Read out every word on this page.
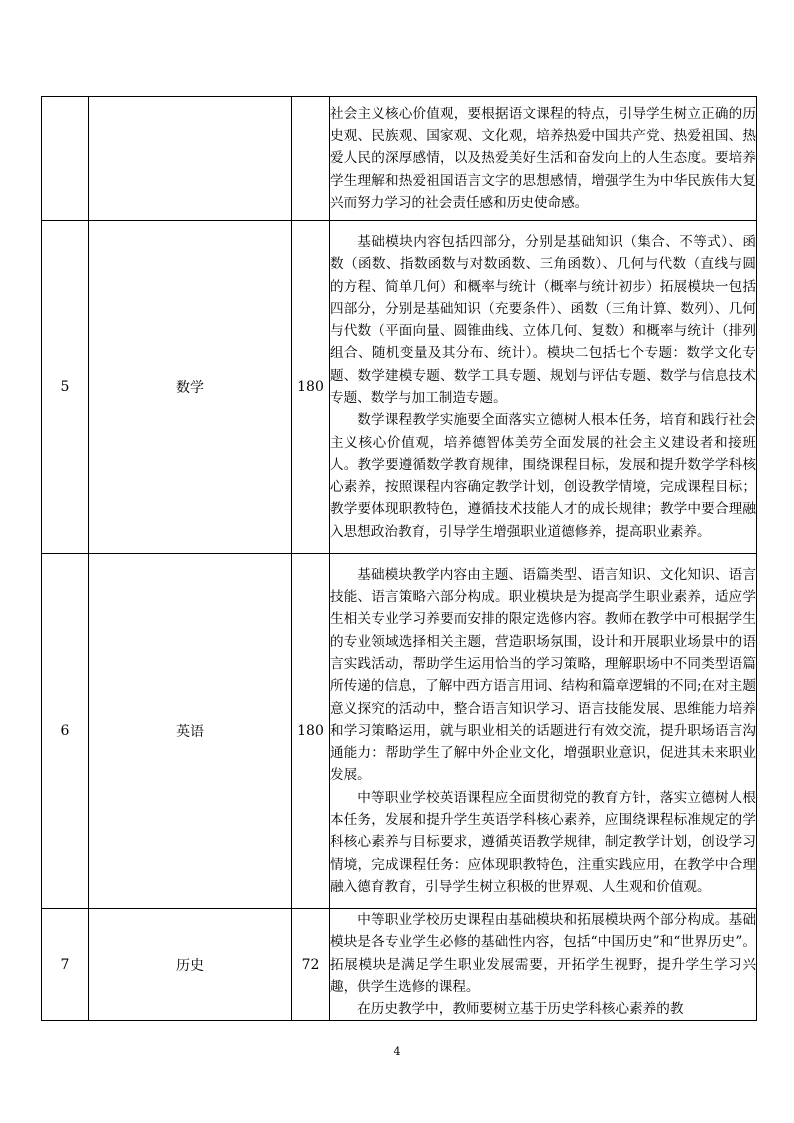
			社会主义核心价值观，要根据语文课程的特点，引导学生树立正确的历史观、民族观、国家观、文化观，培养热爱中国共产党、热爱祖国、热爱人民的深厚感情，以及热爱美好生活和奋发向上的人生态度。要培养学生理解和热爱祖国语言文字的思想感情，增强学生为中华民族伟大复兴而努力学习的社会责任感和历史使命感。

5	数学	180	基础模块内容包括四部分，分别是基础知识（集合、不等式）、函数（函数、指数函数与对数函数、三角函数）、几何与代数（直线与圆的方程、简单几何）和概率与统计（概率与统计初步）拓展模块一包括四部分，分别是基础知识（充要条件）、函数（三角计算、数列）、几何与代数（平面向量、圆锥曲线、立体几何、复数）和概率与统计（排列组合、随机变量及其分布、统计）。模块二包括七个专题：数学文化专题、数学建模专题、数学工具专题、规划与评估专题、数学与信息技术专题、数学与加工制造专题。

数学课程教学实施要全面落实立德树人根本任务，培育和践行社会主义核心价值观，培养德智体美劳全面发展的社会主义建设者和接班人。教学要遵循数学教育规律，围绕课程目标，发展和提升数学学科核心素养，按照课程内容确定教学计划，创设教学情境，完成课程目标；教学要体现职教特色，遵循技术技能人才的成长规律；教学中要合理融入思想政治教育，引导学生增强职业道德修养，提高职业素养。

6	英语	180	基础模块教学内容由主题、语篇类型、语言知识、文化知识、语言技能、语言策略六部分构成。职业模块是为提高学生职业素养，适应学生相关专业学习养要而安排的限定选修内容。教师在教学中可根据学生的专业领域选择相关主题，营造职场氛围，设计和开展职业场景中的语言实践活动，帮助学生运用恰当的学习策略，理解职场中不同类型语篇所传递的信息，了解中西方语言用词、结构和篇章逻辑的不同;在对主题意义探究的活动中，整合语言知识学习、语言技能发展、思维能力培养和学习策略运用，就与职业相关的话题进行有效交流，提升职场语言沟通能力：帮助学生了解中外企业文化，增强职业意识，促进其未来职业发展。

中等职业学校英语课程应全面贯彻党的教育方针，落实立德树人根本任务，发展和提升学生英语学科核心素养，应围绕课程标准规定的学科核心素养与目标要求，遵循英语教学规律，制定教学计划，创设学习情境，完成课程任务：应体现职教特色，注重实践应用，在教学中合理融入德育教育，引导学生树立积极的世界观、人生观和价值观。

7	历史	72	中等职业学校历史课程由基础模块和拓展模块两个部分构成。基础模块是各专业学生必修的基础性内容，包括“中国历史”和“世界历史”。拓展模块是满足学生职业发展需要，开拓学生视野，提升学生学习兴趣，供学生选修的课程。

在历史教学中，教师要树立基于历史学科核心素养的教

4
